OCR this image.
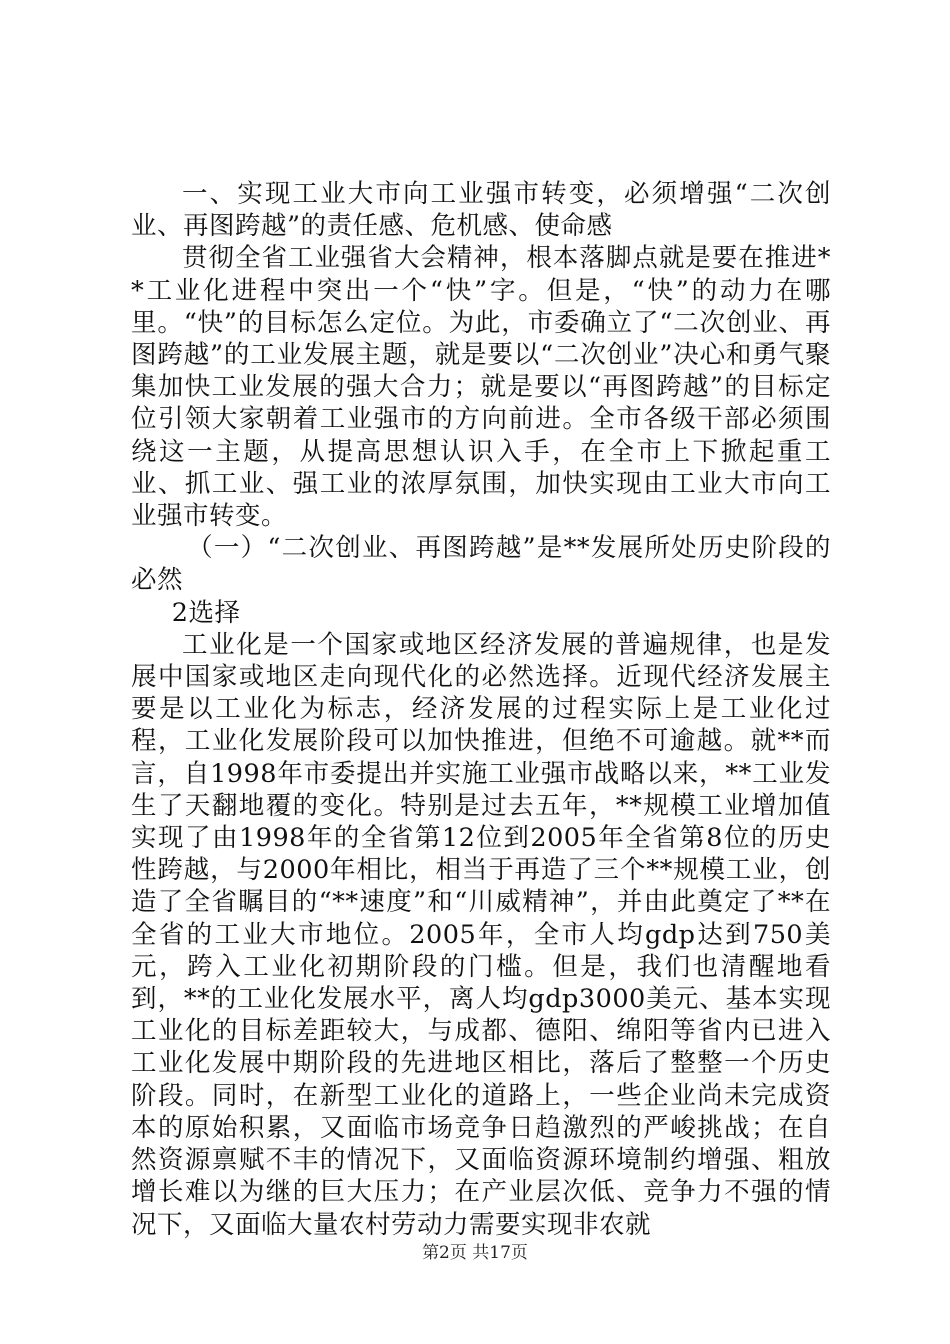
一、实现工业大市向工业强市转变，必须增强“二次创业、再图跨越”的责任感、危机感、使命感

贯彻全省工业强省大会精神，根本落脚点就是要在推进**工业化进程中突出一个“快”字。但是，“快”的动力在哪里。“快”的目标怎么定位。为此，市委确立了“二次创业、再图跨越”的工业发展主题，就是要以“二次创业”决心和勇气聚集加快工业发展的强大合力；就是要以“再图跨越”的目标定位引领大家朝着工业强市的方向前进。全市各级干部必须围绕这一主题，从提高思想认识入手，在全市上下掀起重工业、抓工业、强工业的浓厚氛围，加快实现由工业大市向工业强市转变。

（一）“二次创业、再图跨越”是**发展所处历史阶段的必然

2选择

工业化是一个国家或地区经济发展的普遍规律，也是发展中国家或地区走向现代化的必然选择。近现代经济发展主要是以工业化为标志，经济发展的过程实际上是工业化过程，工业化发展阶段可以加快推进，但绝不可逾越。就**而言，自1998年市委提出并实施工业强市战略以来，**工业发生了天翻地覆的变化。特别是过去五年，**规模工业增加值实现了由1998年的全省第12位到2005年全省第8位的历史性跨越，与2000年相比，相当于再造了三个**规模工业，创造了全省瞩目的“**速度”和“川威精神”，并由此奠定了**在全省的工业大市地位。2005年，全市人均gdp达到750美元，跨入工业化初期阶段的门槛。但是，我们也清醒地看到，**的工业化发展水平，离人均gdp3000美元、基本实现工业化的目标差距较大，与成都、德阳、绵阳等省内已进入工业化发展中期阶段的先进地区相比，落后了整整一个历史阶段。同时，在新型工业化的道路上，一些企业尚未完成资本的原始积累，又面临市场竞争日趋激烈的严峻挑战；在自然资源禀赋不丰的情况下，又面临资源环境制约增强、粗放增长难以为继的巨大压力；在产业层次低、竞争力不强的情况下，又面临大量农村劳动力需要实现非农就

第2页 共17页
